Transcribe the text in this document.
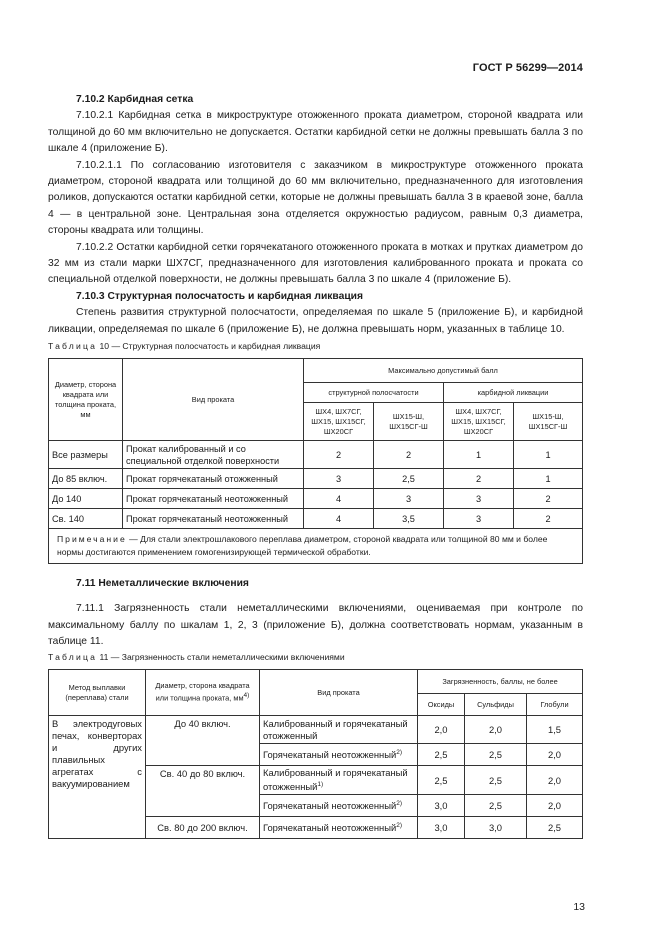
ГОСТ Р 56299—2014

7.10.2 Карбидная сетка

7.10.2.1 Карбидная сетка в микроструктуре отожженного проката диаметром, стороной квадрата или толщиной до 60 мм включительно не допускается. Остатки карбидной сетки не должны превышать балла 3 по шкале 4 (приложение Б).

7.10.2.1.1 По согласованию изготовителя с заказчиком в микроструктуре отожженного проката диаметром, стороной квадрата или толщиной до 60 мм включительно, предназначенного для изготовления роликов, допускаются остатки карбидной сетки, которые не должны превышать балла 3 в краевой зоне, балла 4 — в центральной зоне. Центральная зона отделяется окружностью радиусом, равным 0,3 диаметра, стороны квадрата или толщины.

7.10.2.2 Остатки карбидной сетки горячекатаного отожженного проката в мотках и прутках диаметром до 32 мм из стали марки ШХ7СГ, предназначенного для изготовления калиброванного проката и проката со специальной отделкой поверхности, не должны превышать балла 3 по шкале 4 (приложение Б).

7.10.3 Структурная полосчатость и карбидная ликвация

Степень развития структурной полосчатости, определяемая по шкале 5 (приложение Б), и карбидной ликвации, определяемая по шкале 6 (приложение Б), не должна превышать норм, указанных в таблице 10.

Таблица 10 — Структурная полосчатость и карбидная ликвация
Диаметр, сторона квадрата или толщина проката, мм	Вид проката	Максимально допустимый балл			
		структурной полосчатости		карбидной ликвации	
		ШХ4, ШХ7СГ, ШХ15, ШХ15СГ, ШХ20СГ	ШХ15-Ш, ШХ15СГ-Ш	ШХ4, ШХ7СГ, ШХ15, ШХ15СГ, ШХ20СГ	ШХ15-Ш, ШХ15СГ-Ш
Все размеры	Прокат калиброванный и со специальной отделкой поверхности	2	2	1	1
До 85 включ.	Прокат горячекатаный отожженный	3	2,5	2	1
До 140	Прокат горячекатаный неотожженный	4	3	3	2
Св. 140	Прокат горячекатаный неотожженный	4	3,5	3	2
Примечание — Для стали электрошлакового переплава диаметром, стороной квадрата или толщиной 80 мм и более нормы достигаются применением гомогенизирующей термической обработки.					

7.11 Неметаллические включения

7.11.1 Загрязненность стали неметаллическими включениями, оцениваемая при контроле по максимальному баллу по шкалам 1, 2, 3 (приложение Б), должна соответствовать нормам, указанным в таблице 11.

Таблица 11 — Загрязненность стали неметаллическими включениями
Метод выплавки (переплава) стали	Диаметр, сторона квадрата или толщина проката, $мм^{4)}$	Вид проката	Загрязненность, баллы, не более		
			Оксиды	Сульфиды	Глобули
В электродуговых печах, конверторах и других плавильных агрегатах с вакуумированием	До 40 включ.	Калиброванный и горячекатаный отожженный	2,0	2,0	1,5
		Горячекатаный неотожженный$^{2)}$	2,5	2,5	2,0
	Св. 40 до 80 включ.	Калиброванный и горячекатаный отожженный$^{1)}$	2,5	2,5	2,0
		Горячекатаный неотожженный$^{2)}$	3,0	2,5	2,0
	Св. 80 до 200 включ.	Горячекатаный неотожженный$^{2)}$	3,0	3,0	2,5
13
